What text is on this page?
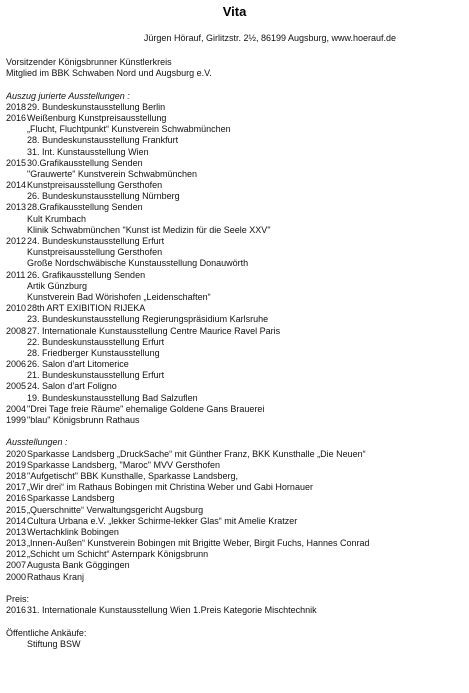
Vita
Jürgen Hörauf, Girlitzstr. 2½, 86199 Augsburg, www.hoerauf.de
Vorsitzender Königsbrunner Künstlerkreis
Mitglied im BBK Schwaben Nord und Augsburg e.V.
Auszug jurierte Ausstellungen :
2018 29. Bundeskunstausstellung Berlin
2016 Weißenburg Kunstpreisausstellung
„Flucht, Fluchtpunkt“ Kunstverein Schwabmünchen
28. Bundeskunstausstellung Frankfurt
31. Int. Kunstausstellung Wien
2015 30.Grafikausstellung Senden
"Grauwerte" Kunstverein Schwabmünchen
2014 Kunstpreisausstellung Gersthofen
26. Bundeskunstausstellung Nürnberg
2013 28.Grafikausstellung Senden
Kult Krumbach
Klinik Schwabmünchen "Kunst ist Medizin für die Seele XXV"
2012 24. Bundeskunstausstellung Erfurt
Kunstpreisausstellung Gersthofen
Große Nordschwäbische Kunstausstellung Donauwörth
2011 26. Grafikausstellung Senden
Artik Günzburg
Kunstverein Bad Wörishofen „Leidenschaften“
2010 28th ART EXIBITION RIJEKA
23. Bundeskunstausstellung Regierungspräsidium Karlsruhe
2008 27. Internationale Kunstausstellung Centre Maurice Ravel Paris
22. Bundeskunstausstellung Erfurt
28. Friedberger Kunstausstellung
2006 26. Salon d'art Litomerice
21. Bundeskunstausstellung Erfurt
2005 24. Salon d'art Foligno
19. Bundeskunstausstellung Bad Salzuflen
2004 "Drei Tage freie Räume" ehemalige Goldene Gans Brauerei
1999 "blau" Königsbrunn Rathaus
Ausstellungen :
2020 Sparkasse Landsberg „DruckSache“ mit Günther Franz, BKK Kunsthalle „Die Neuen“
2019 Sparkasse Landsberg, "Maroc" MVV Gersthofen
2018 "Aufgetischt" BBK Kunsthalle, Sparkasse Landsberg,
2017 „Wir drei“ im Rathaus Bobingen mit Christina Weber und Gabi Hornauer
2016 Sparkasse Landsberg
2015 „Querschnitte“ Verwaltungsgericht Augsburg
2014 Cultura Urbana e.V. „lekker Schirme-lekker Glas“ mit Amelie Kratzer
2013 Wertachklink Bobingen
2013 „Innen-Außen“ Kunstverein Bobingen mit Brigitte Weber, Birgit Fuchs, Hannes Conrad
2012 „Schicht um Schicht“ Asternpark Königsbrunn
2007 Augusta Bank Göggingen
2000 Rathaus Kranj
Preis:
2016 31. Internationale Kunstausstellung Wien 1.Preis Kategorie Mischtechnik
Öffentliche Ankäufe:
Stiftung BSW
